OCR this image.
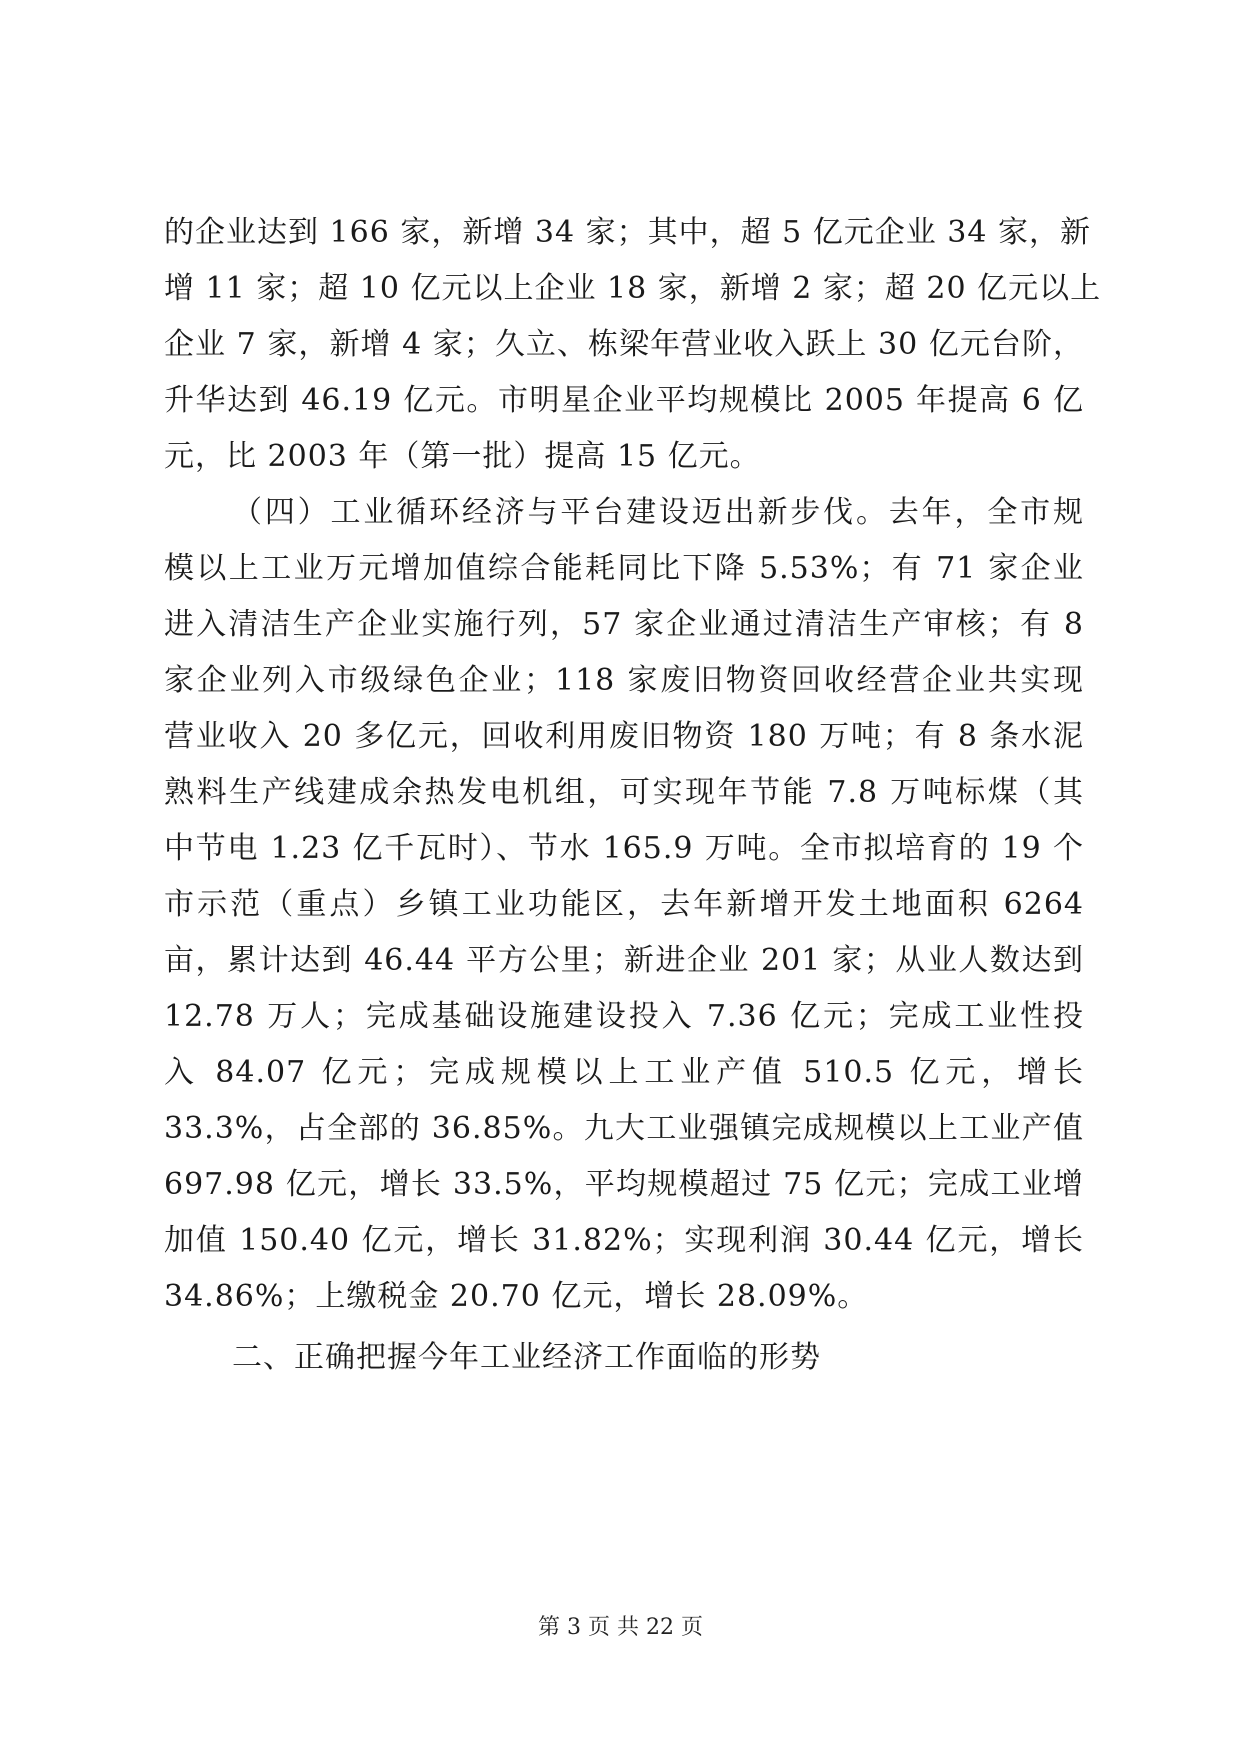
的企业达到 166 家，新增 34 家；其中，超 5 亿元企业 34 家，新
增 11 家；超 10 亿元以上企业 18 家，新增 2 家；超 20 亿元以上
企业 7 家，新增 4 家；久立、栋梁年营业收入跃上 30 亿元台阶，
升华达到 46.19 亿元。市明星企业平均规模比 2005 年提高 6 亿
元，比 2003 年（第一批）提高 15 亿元。
（四）工业循环经济与平台建设迈出新步伐。去年，全市规
模以上工业万元增加值综合能耗同比下降 5.53%；有 71 家企业
进入清洁生产企业实施行列，57 家企业通过清洁生产审核；有 8
家企业列入市级绿色企业；118 家废旧物资回收经营企业共实现
营业收入 20 多亿元，回收利用废旧物资 180 万吨；有 8 条水泥
熟料生产线建成余热发电机组，可实现年节能 7.8 万吨标煤（其
中节电 1.23 亿千瓦时）、节水 165.9 万吨。全市拟培育的 19 个
市示范（重点）乡镇工业功能区，去年新增开发土地面积 6264
亩，累计达到 46.44 平方公里；新进企业 201 家；从业人数达到
12.78 万人；完成基础设施建设投入 7.36 亿元；完成工业性投
入 84.07 亿元；完成规模以上工业产值 510.5 亿元，增长
33.3%，占全部的 36.85%。九大工业强镇完成规模以上工业产值
697.98 亿元，增长 33.5%，平均规模超过 75 亿元；完成工业增
加值 150.40 亿元，增长 31.82%；实现利润 30.44 亿元，增长
34.86%；上缴税金 20.70 亿元，增长 28.09%。
二、正确把握今年工业经济工作面临的形势
第 3 页 共 22 页
